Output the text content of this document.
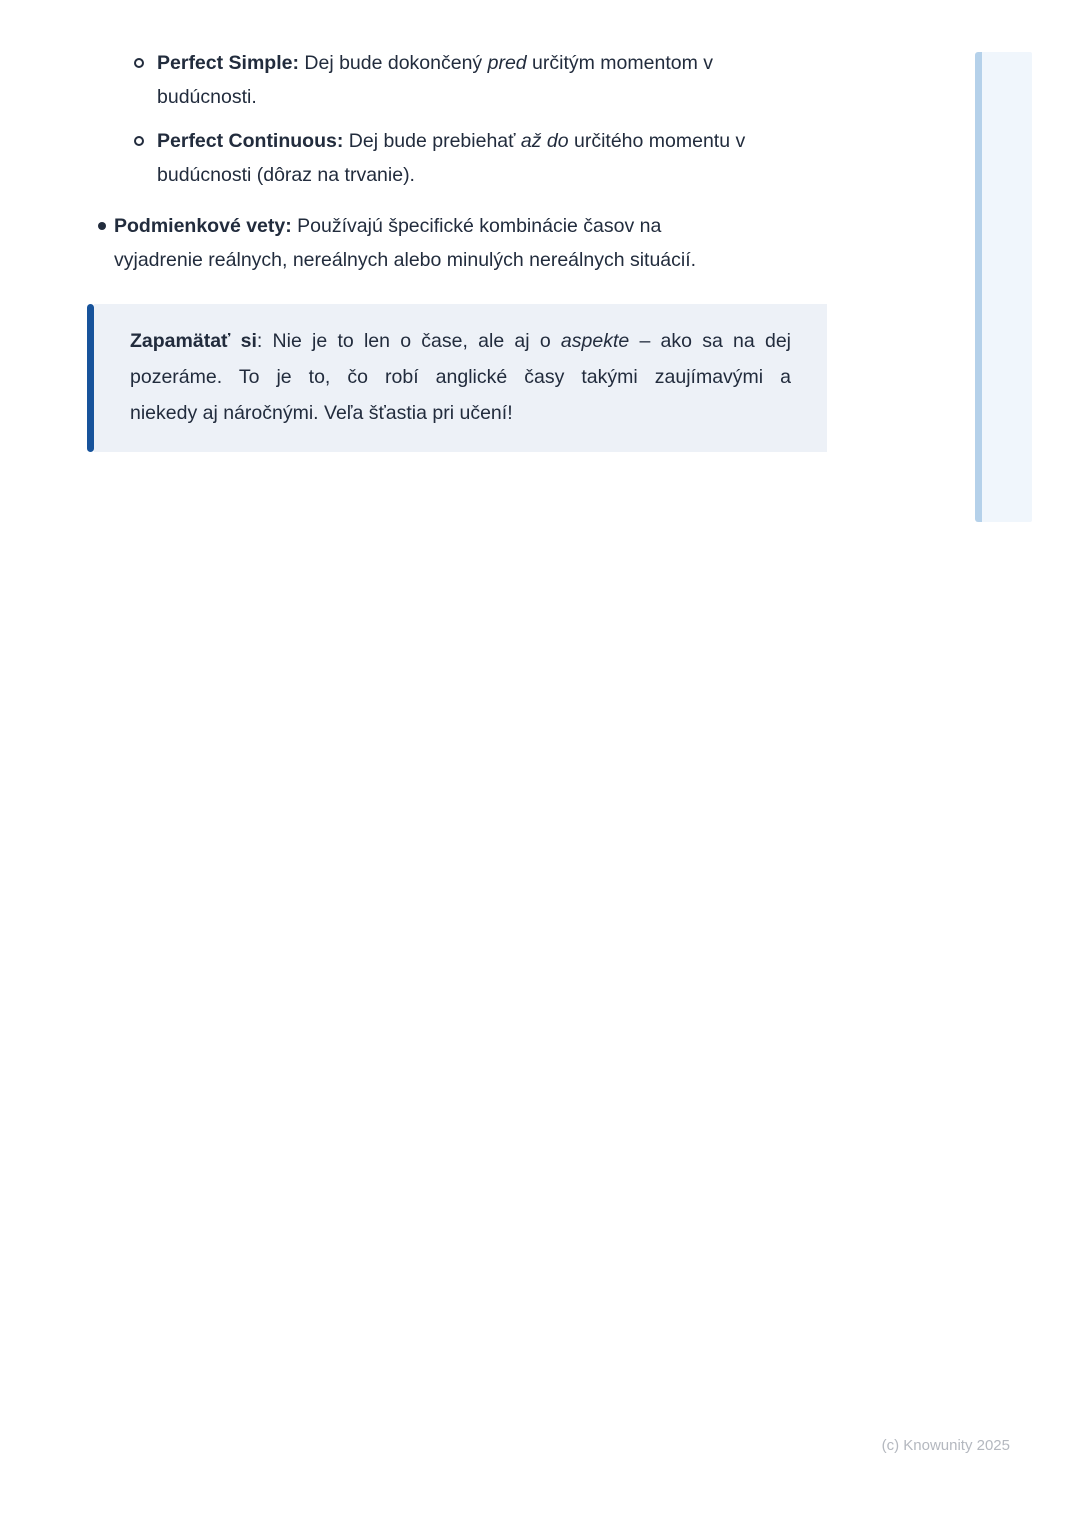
Perfect Simple: Dej bude dokončený pred určitým momentom v
budúcnosti.
Perfect Continuous: Dej bude prebiehať až do určitého momentu v
budúcnosti (dôraz na trvanie).
Podmienkové vety: Používajú špecifické kombinácie časov na
vyjadrenie reálnych, nereálnych alebo minulých nereálnych situácií.
Zapamätať si: Nie je to len o čase, ale aj o aspekte – ako sa na dej
pozeráme. To je to, čo robí anglické časy takými zaujímavými a
niekedy aj náročnými. Veľa šťastia pri učení!
(c) Knowunity 2025
